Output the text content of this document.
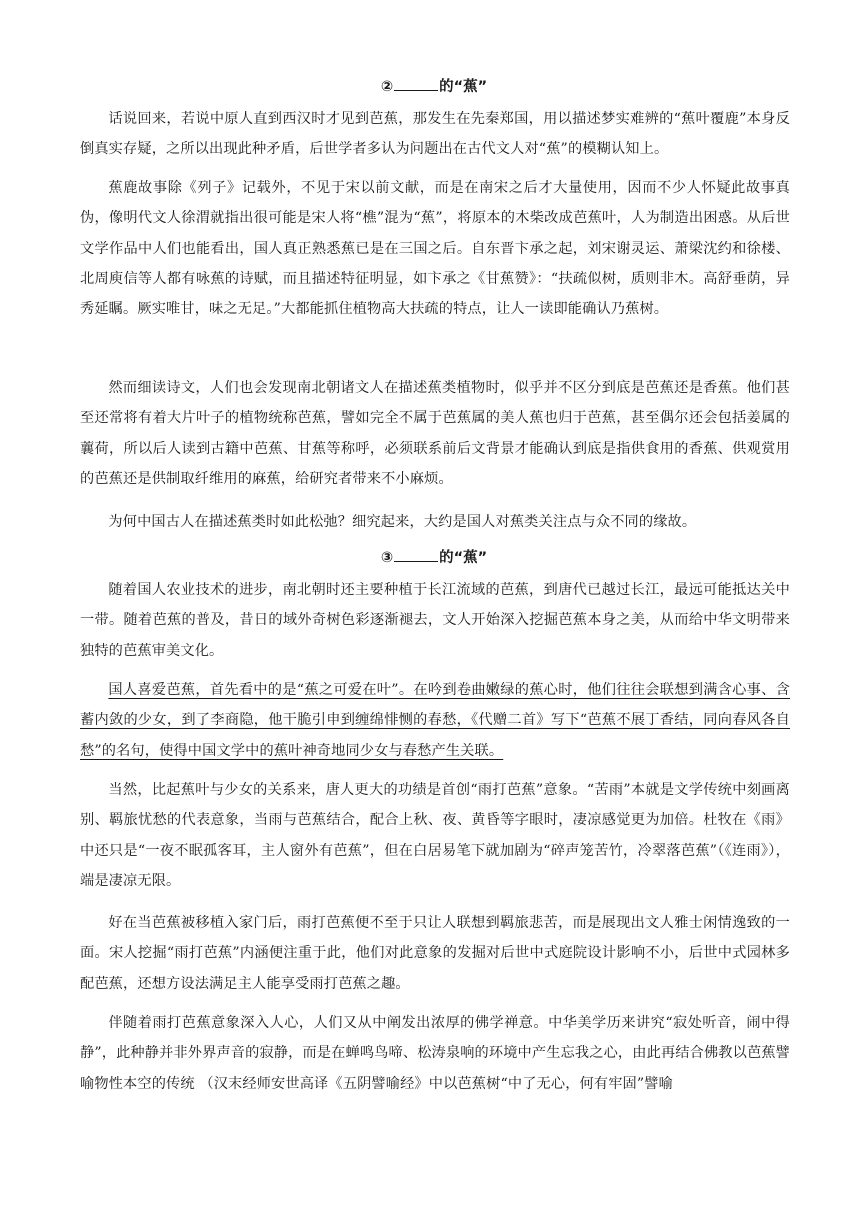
②	的“蕉”

话说回来，若说中原人直到西汉时才见到芭蕉，那发生在先秦郑国，用以描述梦实难辨的“蕉叶覆鹿”本身反倒真实存疑，之所以出现此种矛盾，后世学者多认为问题出在古代文人对“蕉”的模糊认知上。

蕉鹿故事除《列子》记载外，不见于宋以前文献，而是在南宋之后才大量使用，因而不少人怀疑此故事真伪，像明代文人徐渭就指出很可能是宋人将“樵”混为“蕉”，将原本的木柴改成芭蕉叶，人为制造出困惑。从后世文学作品中人们也能看出，国人真正熟悉蕉已是在三国之后。自东晋卞承之起，刘宋谢灵运、萧梁沈约和徐楼、北周庾信等人都有咏蕉的诗赋，而且描述特征明显，如卞承之《甘蕉赞》：“扶疏似树，质则非木。高舒垂荫，异秀延瞩。厥实唯甘，味之无足。”大都能抓住植物高大扶疏的特点，让人一读即能确认乃蕉树。

然而细读诗文，人们也会发现南北朝诸文人在描述蕉类植物时，似乎并不区分到底是芭蕉还是香蕉。他们甚至还常将有着大片叶子的植物统称芭蕉，譬如完全不属于芭蕉属的美人蕉也归于芭蕉，甚至偶尔还会包括姜属的蘘荷，所以后人读到古籍中芭蕉、甘蕉等称呼，必须联系前后文背景才能确认到底是指供食用的香蕉、供观赏用的芭蕉还是供制取纤维用的麻蕉，给研究者带来不小麻烦。

为何中国古人在描述蕉类时如此松弛？细究起来，大约是国人对蕉类关注点与众不同的缘故。

③	的“蕉”

随着国人农业技术的进步，南北朝时还主要种植于长江流域的芭蕉，到唐代已越过长江，最远可能抵达关中一带。随着芭蕉的普及，昔日的域外奇树色彩逐渐褪去，文人开始深入挖掘芭蕉本身之美，从而给中华文明带来独特的芭蕉审美文化。

国人喜爱芭蕉，首先看中的是“蕉之可爱在叶”。在吟到卷曲嫩绿的蕉心时，他们往往会联想到满含心事、含蓄内敛的少女，到了李商隐，他干脆引申到缠绵悱恻的春愁，《代赠二首》写下“芭蕉不展丁香结，同向春风各自愁”的名句，使得中国文学中的蕉叶神奇地同少女与春愁产生关联。

当然，比起蕉叶与少女的关系来，唐人更大的功绩是首创“雨打芭蕉”意象。“苦雨”本就是文学传统中刻画离别、羁旅忧愁的代表意象，当雨与芭蕉结合，配合上秋、夜、黄昏等字眼时，凄凉感觉更为加倍。杜牧在《雨》中还只是“一夜不眠孤客耳，主人窗外有芭蕉”，但在白居易笔下就加剧为“碎声笼苦竹，冷翠落芭蕉”（《连雨》），端是凄凉无限。

好在当芭蕉被移植入家门后，雨打芭蕉便不至于只让人联想到羁旅悲苦，而是展现出文人雅士闲情逸致的一面。宋人挖掘“雨打芭蕉”内涵便注重于此，他们对此意象的发掘对后世中式庭院设计影响不小，后世中式园林多配芭蕉，还想方设法满足主人能享受雨打芭蕉之趣。

伴随着雨打芭蕉意象深入人心，人们又从中阐发出浓厚的佛学禅意。中华美学历来讲究“寂处听音，闹中得静”，此种静并非外界声音的寂静，而是在蝉鸣鸟啼、松涛泉响的环境中产生忘我之心，由此再结合佛教以芭蕉譬喻物性本空的传统 （汉末经师安世高译《五阴譬喻经》中以芭蕉树“中了无心，何有牢固”譬喻
